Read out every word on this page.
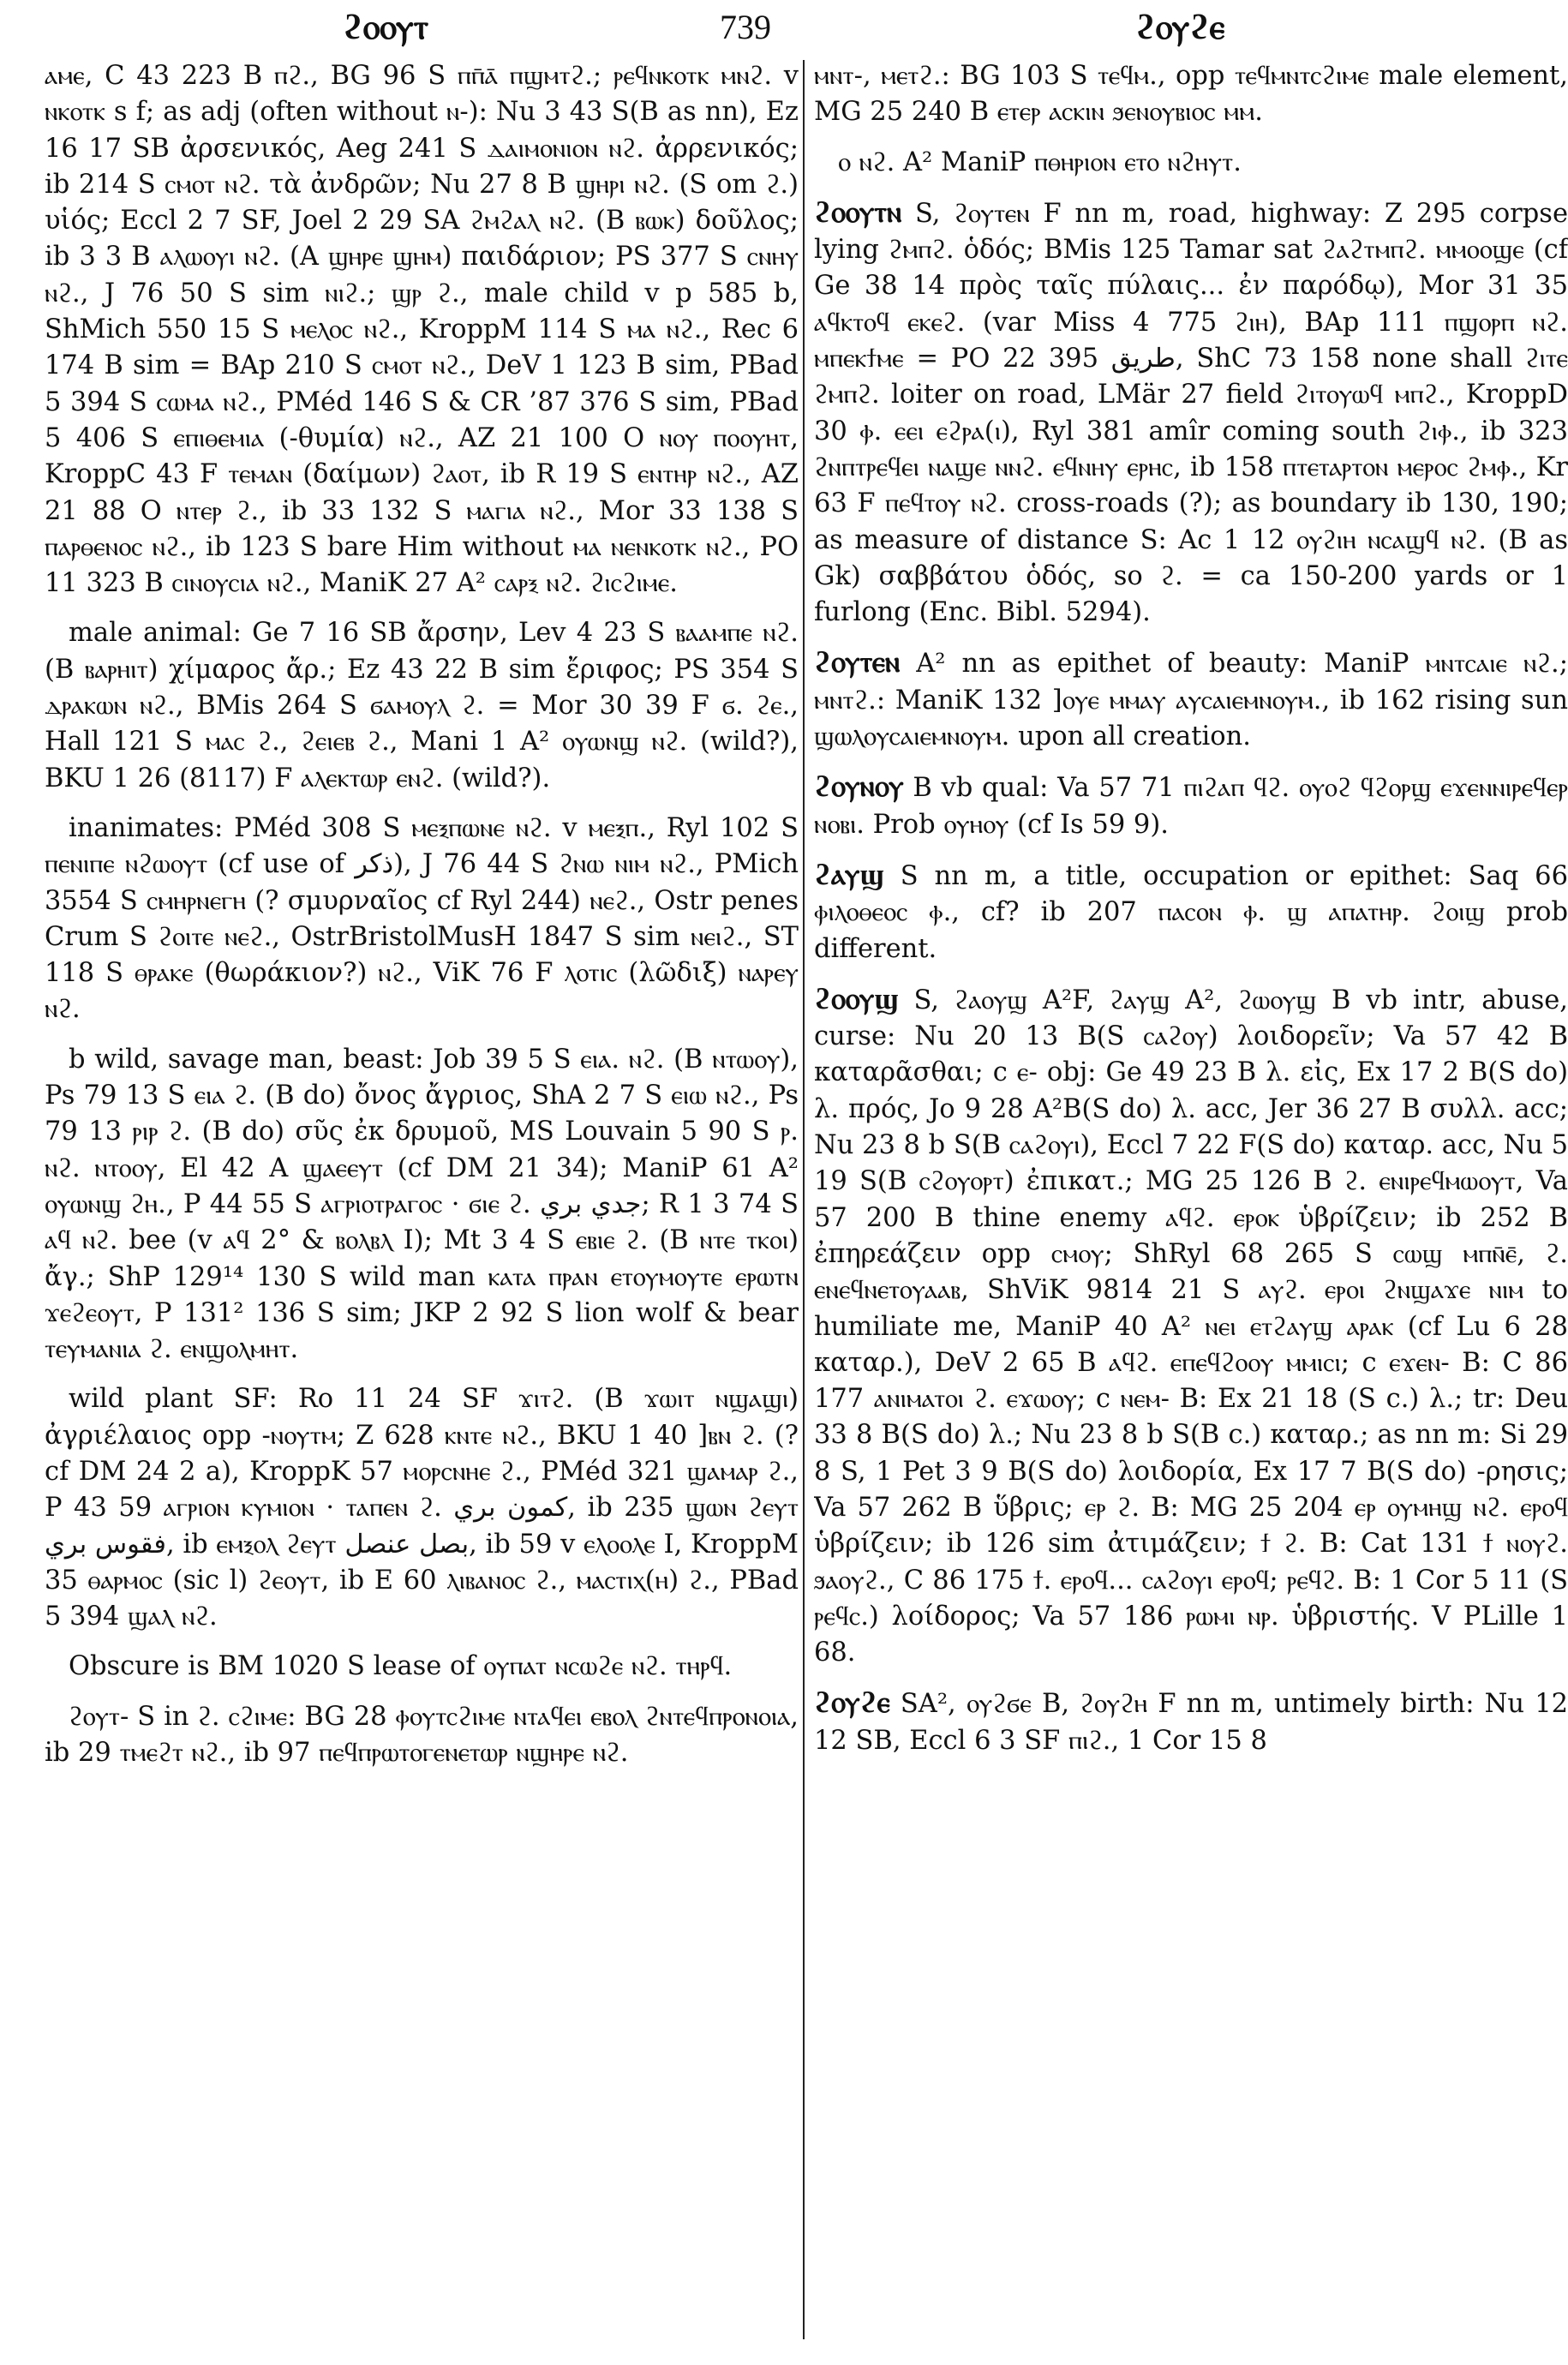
ϩⲟⲟⲩⲧ	739	ϩⲟⲩϩⲉ

ⲁⲙⲉ, C 43 223 B ⲡϩ., BG 96 S ⲡⲡ̄ⲁ̄ ⲡϣⲙⲧϩ.; ⲣⲉϥⲛⲕⲟⲧⲕ ⲙⲛϩ. v ⲛⲕⲟⲧⲕ s f; as adj (often without ⲛ-): Nu 3 43 S(B as nn), Ez 16 17 SB ἀρσενικός, Aeg 241 S ⲇⲁⲓⲙⲟⲛⲓⲟⲛ ⲛϩ. ἀρρενικός; ib 214 S ⲥⲙⲟⲧ ⲛϩ. τὰ ἀνδρῶν; Nu 27 8 B ϣⲏⲣⲓ ⲛϩ. (S om ϩ.) υἱός; Eccl 2 7 SF, Joel 2 29 SA ϩⲙϩⲁⲗ ⲛϩ. (B ⲃⲱⲕ) δοῦλος; ib 3 3 B ⲁⲗⲱⲟⲩⲓ ⲛϩ. (A ϣⲏⲣⲉ ϣⲏⲙ) παιδάριον; PS 377 S ⲥⲛⲏⲩ ⲛϩ., J 76 50 S sim ⲛⲓϩ.; ϣⲣ ϩ., male child v p 585 b, ShMich 550 15 S ⲙⲉⲗⲟⲥ ⲛϩ., KroppM 114 S ⲙⲁ ⲛϩ., Rec 6 174 B sim = BAp 210 S ⲥⲙⲟⲧ ⲛϩ., DeV 1 123 B sim, PBad 5 394 S ⲥⲱⲙⲁ ⲛϩ., PMéd 146 S & CR ’87 376 S sim, PBad 5 406 S ⲉⲡⲓⲑⲉⲙⲓⲁ (-θυμία) ⲛϩ., AZ 21 100 O ⲛⲟⲩ ⲡⲟⲟⲩⲏⲧ, KroppC 43 F ⲧⲉⲙⲁⲛ (δαίμων) ϩⲁⲟⲧ, ib R 19 S ⲉⲛⲧⲏⲣ ⲛϩ., AZ 21 88 O ⲛⲧⲉⲣ ϩ., ib 33 132 S ⲙⲁⲅⲓⲁ ⲛϩ., Mor 33 138 S ⲡⲁⲣⲑⲉⲛⲟⲥ ⲛϩ., ib 123 S bare Him without ⲙⲁ ⲛⲉⲛⲕⲟⲧⲕ ⲛϩ., PO 11 323 B ⲥⲓⲛⲟⲩⲥⲓⲁ ⲛϩ., ManiK 27 A² ⲥⲁⲣⲝ ⲛϩ. ϩⲓⲥϩⲓⲙⲉ.

male animal: Ge 7 16 SB ἄρσην, Lev 4 23 S ⲃⲁⲁⲙⲡⲉ ⲛϩ. (B ⲃⲁⲣⲏⲓⲧ) χίμαρος ἄρ.; Ez 43 22 B sim ἔριφος; PS 354 S ⲇⲣⲁⲕⲱⲛ ⲛϩ., BMis 264 S ϭⲁⲙⲟⲩⲗ ϩ. = Mor 30 39 F ϭ. ϩⲉ., Hall 121 S ⲙⲁⲥ ϩ., ϩⲉⲓⲉⲃ ϩ., Mani 1 A² ⲟⲩⲱⲛϣ ⲛϩ. (wild?), BKU 1 26 (8117) F ⲁⲗⲉⲕⲧⲱⲣ ⲉⲛϩ. (wild?).

inanimates: PMéd 308 S ⲙⲉⲝⲡⲱⲛⲉ ⲛϩ. v ⲙⲉⲝⲡ., Ryl 102 S ⲡⲉⲛⲓⲡⲉ ⲛϩⲱⲟⲩⲧ (cf use of ذكر), J 76 44 S ϩⲛⲱ ⲛⲓⲙ ⲛϩ., PMich 3554 S ⲥⲙⲏⲣⲛⲉⲅⲏ (? σμυρναῖος cf Ryl 244) ⲛⲉϩ., Ostr penes Crum S ϩⲟⲓⲧⲉ ⲛⲉϩ., OstrBristolMusH 1847 S sim ⲛⲉⲓϩ., ST 118 S ⲑⲣⲁⲕⲉ (θωράκιον?) ⲛϩ., ViK 76 F ⲗⲟⲧⲓⲥ (λῶδιξ) ⲛⲁⲣⲉⲩ ⲛϩ.

b wild, savage man, beast: Job 39 5 S ⲉⲓⲁ. ⲛϩ. (B ⲛⲧⲱⲟⲩ), Ps 79 13 S ⲉⲓⲁ ϩ. (B do) ὄνος ἄγριος, ShA 2 7 S ⲉⲓⲱ ⲛϩ., Ps 79 13 ⲣⲓⲣ ϩ. (B do) σῦς ἐκ δρυμοῦ, MS Louvain 5 90 S ⲣ. ⲛϩ. ⲛⲧⲟⲟⲩ, El 42 A ϣⲁⲉⲉⲩⲧ (cf DM 21 34); ManiP 61 A² ⲟⲩⲱⲛϣ ϩⲏ., P 44 55 S ⲁⲅⲣⲓⲟⲧⲣⲁⲅⲟⲥ · ϭⲓⲉ ϩ. جدي بري; R 1 3 74 S ⲁϥ ⲛϩ. bee (v ⲁϥ 2° & ⲃⲟⲗⲃⲗ I); Mt 3 4 S ⲉⲃⲓⲉ ϩ. (B ⲛⲧⲉ ⲧⲕⲟⲓ) ἄγ.; ShP 129¹⁴ 130 S wild man ⲕⲁⲧⲁ ⲡⲣⲁⲛ ⲉⲧⲟⲩⲙⲟⲩⲧⲉ ⲉⲣⲱⲧⲛ ϫⲉϩⲉⲟⲩⲧ, P 131² 136 S sim; JKP 2 92 S lion wolf & bear ⲧⲉⲩⲙⲁⲛⲓⲁ ϩ. ⲉⲛϣⲟⲗⲙⲏⲧ.

wild plant SF: Ro 11 24 SF ϫⲓⲧϩ. (B ϫⲱⲓⲧ ⲛϣⲁϣⲓ) ἀγριέλαιος opp -ⲛⲟⲩⲧⲙ; Z 628 ⲕⲛⲧⲉ ⲛϩ., BKU 1 40 ]ⲃⲛ ϩ. (? cf DM 24 2 a), KroppK 57 ⲙⲟⲣⲥⲛⲏⲉ ϩ., PMéd 321 ϣⲁⲙⲁⲣ ϩ., P 43 59 ⲁⲅⲣⲓⲟⲛ ⲕⲩⲙⲓⲟⲛ · ⲧⲁⲡⲉⲛ ϩ. كمون بري, ib 235 ϣⲱⲛ ϩⲉⲩⲧ فقوس بري, ib ⲉⲙⲝⲟⲗ ϩⲉⲩⲧ بصل عنصل, ib 59 v ⲉⲗⲟⲟⲗⲉ I, KroppM 35 ⲑⲁⲣⲙⲟⲥ (sic l) ϩⲉⲟⲩⲧ, ib E 60 ⲗⲓⲃⲁⲛⲟⲥ ϩ., ⲙⲁⲥⲧⲓⲭ(ⲏ) ϩ., PBad 5 394 ϣⲁⲗ ⲛϩ.

Obscure is BM 1020 S lease of ⲟⲩⲡⲁⲧ ⲛⲥⲱϩⲉ ⲛϩ. ⲧⲏⲣϥ.

ϩⲟⲩⲧ- S in ϩ. ⲥϩⲓⲙⲉ: BG 28 ⲫⲟⲩⲧⲥϩⲓⲙⲉ ⲛⲧⲁϥⲉⲓ ⲉⲃⲟⲗ ϩⲛⲧⲉϥⲡⲣⲟⲛⲟⲓⲁ, ib 29 ⲧⲙⲉϩⲧ ⲛϩ., ib 97 ⲡⲉϥⲡⲣⲱⲧⲟⲅⲉⲛⲉⲧⲱⲣ ⲛϣⲏⲣⲉ ⲛϩ.

ⲙⲛⲧ-, ⲙⲉⲧϩ.: BG 103 S ⲧⲉϥⲙ., opp ⲧⲉϥⲙⲛⲧⲥϩⲓⲙⲉ male element, MG 25 240 B ⲉⲧⲉⲣ ⲁⲥⲕⲓⲛ ϧⲉⲛⲟⲩⲃⲓⲟⲥ ⲙⲙ.

ⲟ ⲛϩ. A² ManiP ⲡⲑⲏⲣⲓⲟⲛ ⲉⲧⲟ ⲛϩⲏⲩⲧ.

ϩⲟⲟⲩⲧⲛ S, ϩⲟⲩⲧⲉⲛ F nn m, road, highway: Z 295 corpse lying ϩⲙⲡϩ. ὁδός; BMis 125 Tamar sat ϩⲁϩⲧⲙⲡϩ. ⲙⲙⲟⲟϣⲉ (cf Ge 38 14 πρὸς ταῖς πύλαις... ἐν παρόδῳ), Mor 31 35 ⲁϥⲕⲧⲟϥ ⲉⲕⲉϩ. (var Miss 4 775 ϩⲓⲏ), BAp 111 ⲡϣⲟⲣⲡ ⲛϩ. ⲙⲡⲉⲕϯⲙⲉ = PO 22 395 طريق, ShC 73 158 none shall ϩⲓⲧⲉ ϩⲙⲡϩ. loiter on road, LMär 27 field ϩⲓⲧⲟⲩⲱϥ ⲙⲡϩ., KroppD 30 ⲫ. ⲉⲉⲓ ⲉϩⲣⲁ(ⲓ), Ryl 381 amîr coming south ϩⲓⲫ., ib 323 ϩⲛⲡⲧⲣⲉϥⲉⲓ ⲛⲁϣⲉ ⲛⲛϩ. ⲉϥⲛⲏⲩ ⲉⲣⲏⲥ, ib 158 ⲡⲧⲉⲧⲁⲣⲧⲟⲛ ⲙⲉⲣⲟⲥ ϩⲙⲫ., Kr 63 F ⲡⲉϥⲧⲟⲩ ⲛϩ. cross-roads (?); as boundary ib 130, 190; as measure of distance S: Ac 1 12 ⲟⲩϩⲓⲏ ⲛⲥⲁϣϥ ⲛϩ. (B as Gk) σαββάτου ὁδός, so ϩ. = ca 150-200 yards or 1 furlong (Enc. Bibl. 5294).

ϩⲟⲩⲧⲉⲛ A² nn as epithet of beauty: ManiP ⲙⲛⲧⲥⲁⲓⲉ ⲛϩ.; ⲙⲛⲧϩ.: ManiK 132 ]ⲟⲩⲉ ⲙⲙⲁⲩ ⲁⲩⲥⲁⲓⲉⲙⲛⲟⲩⲙ., ib 162 rising sun ϣⲱⲗⲟⲩⲥⲁⲓⲉⲙⲛⲟⲩⲙ. upon all creation.

ϩⲟⲩⲛⲟⲩ B vb qual: Va 57 71 ⲡⲓϩⲁⲡ ϥϩ. ⲟⲩⲟϩ ϥϩⲟⲣϣ ⲉϫⲉⲛⲛⲓⲣⲉϥⲉⲣ ⲛⲟⲃⲓ. Prob ⲟⲩⲏⲟⲩ (cf Is 59 9).

ϩⲁⲩϣ S nn m, a title, occupation or epithet: Saq 66 ⲫⲓⲗⲟⲑⲉⲟⲥ ⲫ., cf? ib 207 ⲡⲁⲥⲟⲛ ⲫ. ϣ ⲁⲡⲁⲧⲏⲣ. ϩⲟⲓϣ prob different.

ϩⲟⲟⲩϣ S, ϩⲁⲟⲩϣ A²F, ϩⲁⲩϣ A², ϩⲱⲟⲩϣ B vb intr, abuse, curse: Nu 20 13 B(S ⲥⲁϩⲟⲩ) λοιδορεῖν; Va 57 42 B καταρᾶσθαι; c ⲉ- obj: Ge 49 23 B λ. εἰς, Ex 17 2 B(S do) λ. πρός, Jo 9 28 A²B(S do) λ. acc, Jer 36 27 B συλλ. acc; Nu 23 8 b S(B ⲥⲁϩⲟⲩⲓ), Eccl 7 22 F(S do) καταρ. acc, Nu 5 19 S(B ⲥϩⲟⲩⲟⲣⲧ) ἐπικατ.; MG 25 126 B ϩ. ⲉⲛⲓⲣⲉϥⲙⲱⲟⲩⲧ, Va 57 200 B thine enemy ⲁϥϩ. ⲉⲣⲟⲕ ὑβρίζειν; ib 252 B ἐπηρεάζειν opp ⲥⲙⲟⲩ; ShRyl 68 265 S ⲥⲱϣ ⲙⲡⲛ̄ⲉ̄, ϩ. ⲉⲛⲉϥⲛⲉⲧⲟⲩⲁⲁⲃ, ShViK 9814 21 S ⲁⲩϩ. ⲉⲣⲟⲓ ϩⲛϣⲁϫⲉ ⲛⲓⲙ to humiliate me, ManiP 40 A² ⲛⲉⲓ ⲉⲧϩⲁⲩϣ ⲁⲣⲁⲕ (cf Lu 6 28 καταρ.), DeV 2 65 B ⲁϥϩ. ⲉⲡⲉϥϩⲟⲟⲩ ⲙⲙⲓⲥⲓ; c ⲉϫⲉⲛ- B: C 86 177 ⲁⲛⲓⲙⲁⲧⲟⲓ ϩ. ⲉϫⲱⲟⲩ; c ⲛⲉⲙ- B: Ex 21 18 (S c.) λ.; tr: Deu 33 8 B(S do) λ.; Nu 23 8 b S(B c.) καταρ.; as nn m: Si 29 8 S, 1 Pet 3 9 B(S do) λοιδορία, Ex 17 7 B(S do) -ρησις; Va 57 262 B ὕβρις; ⲉⲣ ϩ. B: MG 25 204 ⲉⲣ ⲟⲩⲙⲏϣ ⲛϩ. ⲉⲣⲟϥ ὑβρίζειν; ib 126 sim ἀτιμάζειν; ϯ ϩ. B: Cat 131 ϯ ⲛⲟⲩϩ. ϧⲁⲟⲩϩ., C 86 175 ϯ. ⲉⲣⲟϥ... ⲥⲁϩⲟⲩⲓ ⲉⲣⲟϥ; ⲣⲉϥϩ. B: 1 Cor 5 11 (S ⲣⲉϥⲥ.) λοίδορος; Va 57 186 ⲣⲱⲙⲓ ⲛⲣ. ὑβριστής. V PLille 1 68.

ϩⲟⲩϩⲉ SA², ⲟⲩϩϭⲉ B, ϩⲟⲩϩⲏ F nn m, untimely birth: Nu 12 12 SB, Eccl 6 3 SF ⲡⲓϩ., 1 Cor 15 8
